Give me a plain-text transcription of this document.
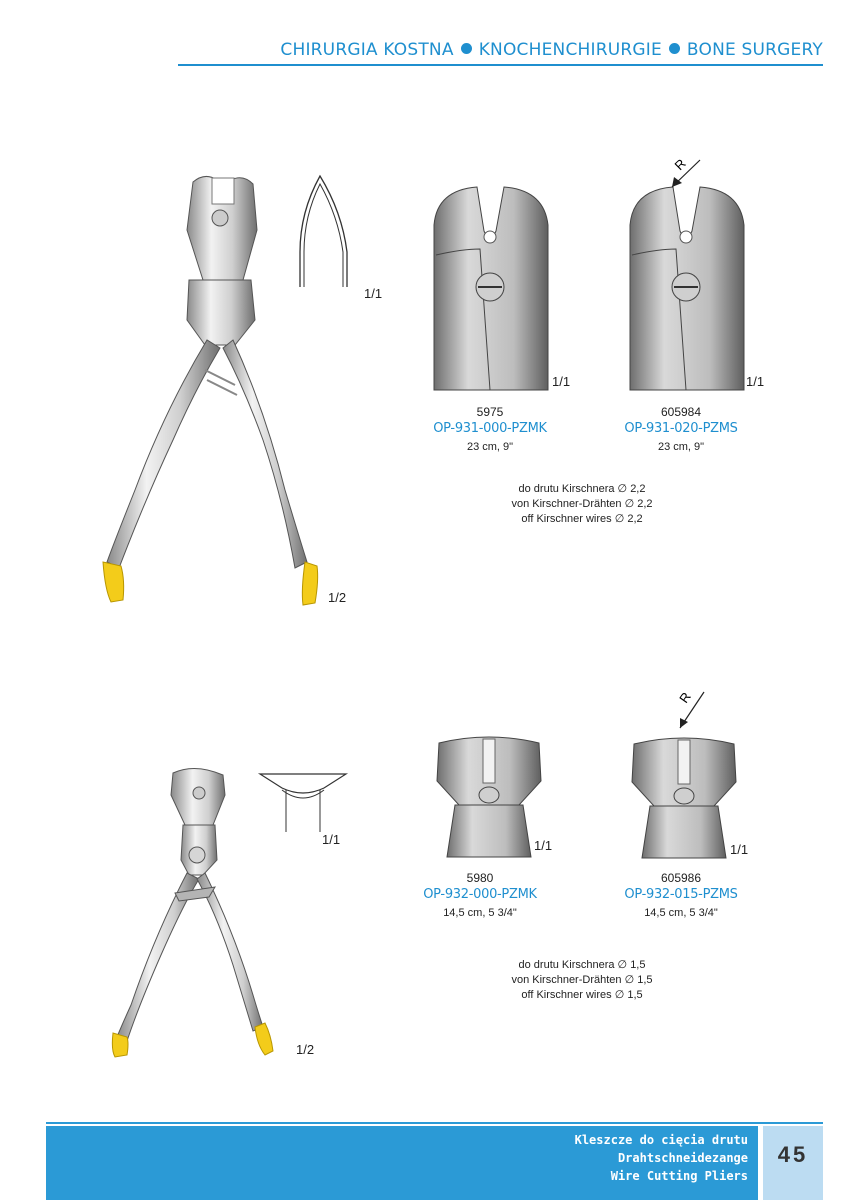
CHIRURGIA KOSTNA KNOCHENCHIRURGIE BONE SURGERY
1/1
1/2
1/1
R
1/1
5975
OP-931-000-PZMK
23 cm, 9"
605984
OP-931-020-PZMS
23 cm, 9"
do drutu Kirschnera ∅ 2,2
von Kirschner-Drähten ∅ 2,2
off Kirschner wires ∅ 2,2
1/1
1/2
1/1
R
1/1
5980
OP-932-000-PZMK
14,5 cm, 5 3/4"
605986
OP-932-015-PZMS
14,5 cm, 5 3/4"
do drutu Kirschnera ∅ 1,5
von Kirschner-Drähten ∅ 1,5
off Kirschner wires ∅ 1,5
Kleszcze do cięcia drutu
Drahtschneidezange
Wire Cutting Pliers
45
